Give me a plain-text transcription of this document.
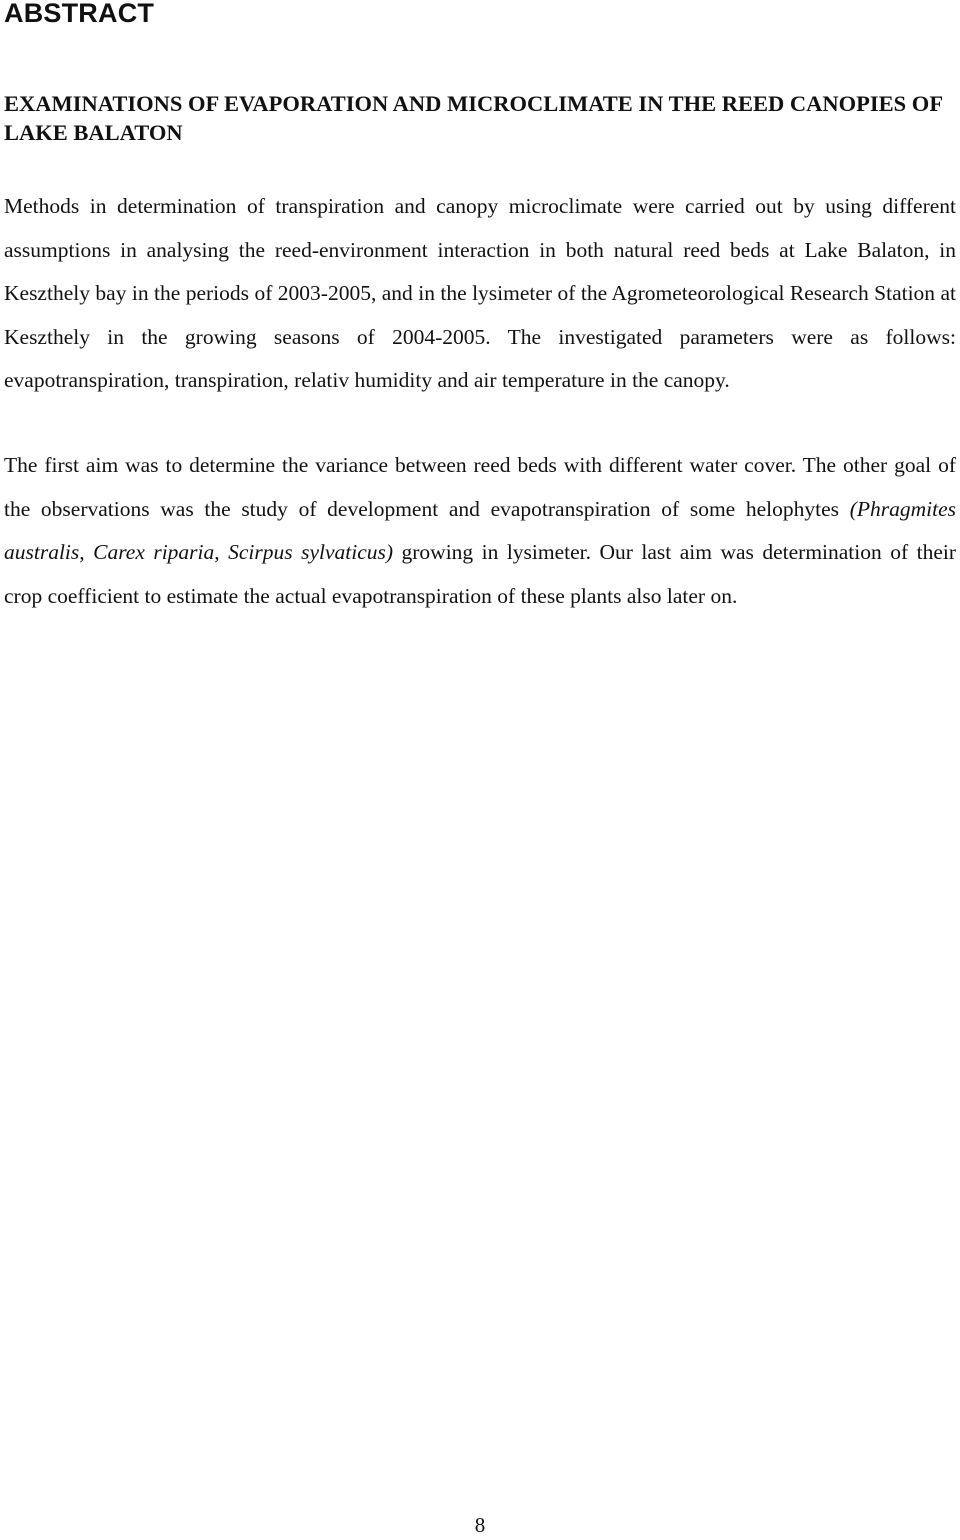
ABSTRACT
EXAMINATIONS OF EVAPORATION AND MICROCLIMATE IN THE REED CANOPIES OF LAKE BALATON

Methods in determination of transpiration and canopy microclimate were carried out by using different assumptions in analysing the reed-environment interaction in both natural reed beds at Lake Balaton, in Keszthely bay in the periods of 2003-2005, and in the lysimeter of the Agrometeorological Research Station at Keszthely in the growing seasons of 2004-2005. The investigated parameters were as follows: evapotranspiration, transpiration, relativ humidity and air temperature in the canopy.

The first aim was to determine the variance between reed beds with different water cover. The other goal of the observations was the study of development and evapotranspiration of some helophytes (Phragmites australis, Carex riparia, Scirpus sylvaticus) growing in lysimeter. Our last aim was determination of their crop coefficient to estimate the actual evapotranspiration of these plants also later on.

8
